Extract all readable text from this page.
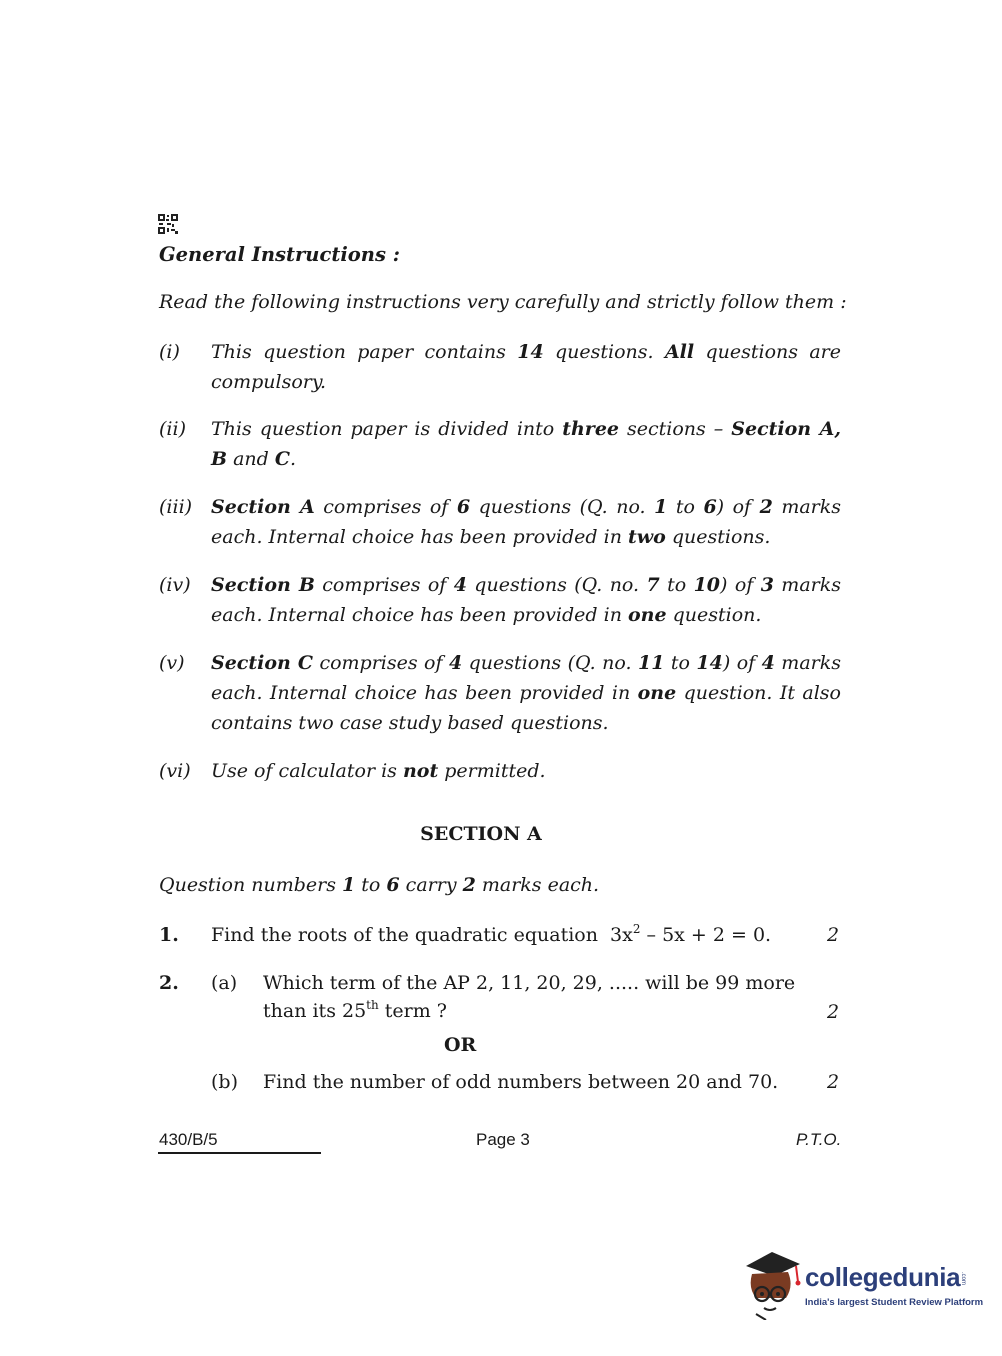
General Instructions :
Read the following instructions very carefully and strictly follow them :
(i) This question paper contains 14 questions. All questions are compulsory.
(ii) This question paper is divided into three sections – Section A, B and C.
(iii) Section A comprises of 6 questions (Q. no. 1 to 6) of 2 marks each. Internal choice has been provided in two questions.
(iv) Section B comprises of 4 questions (Q. no. 7 to 10) of 3 marks each. Internal choice has been provided in one question.
(v) Section C comprises of 4 questions (Q. no. 11 to 14) of 4 marks each. Internal choice has been provided in one question. It also contains two case study based questions.
(vi) Use of calculator is not permitted.
SECTION A
Question numbers 1 to 6 carry 2 marks each.
1. Find the roots of the quadratic equation  $3x^2 - 5x + 2 = 0$.	2
2. (a) Which term of the AP 2, 11, 20, 29, ..... will be 99 more
than its 25th term ?	2
OR
(b) Find the number of odd numbers between 20 and 70.	2
430/B/5	Page 3	P.T.O.
collegedunia .com
India's largest Student Review Platform
